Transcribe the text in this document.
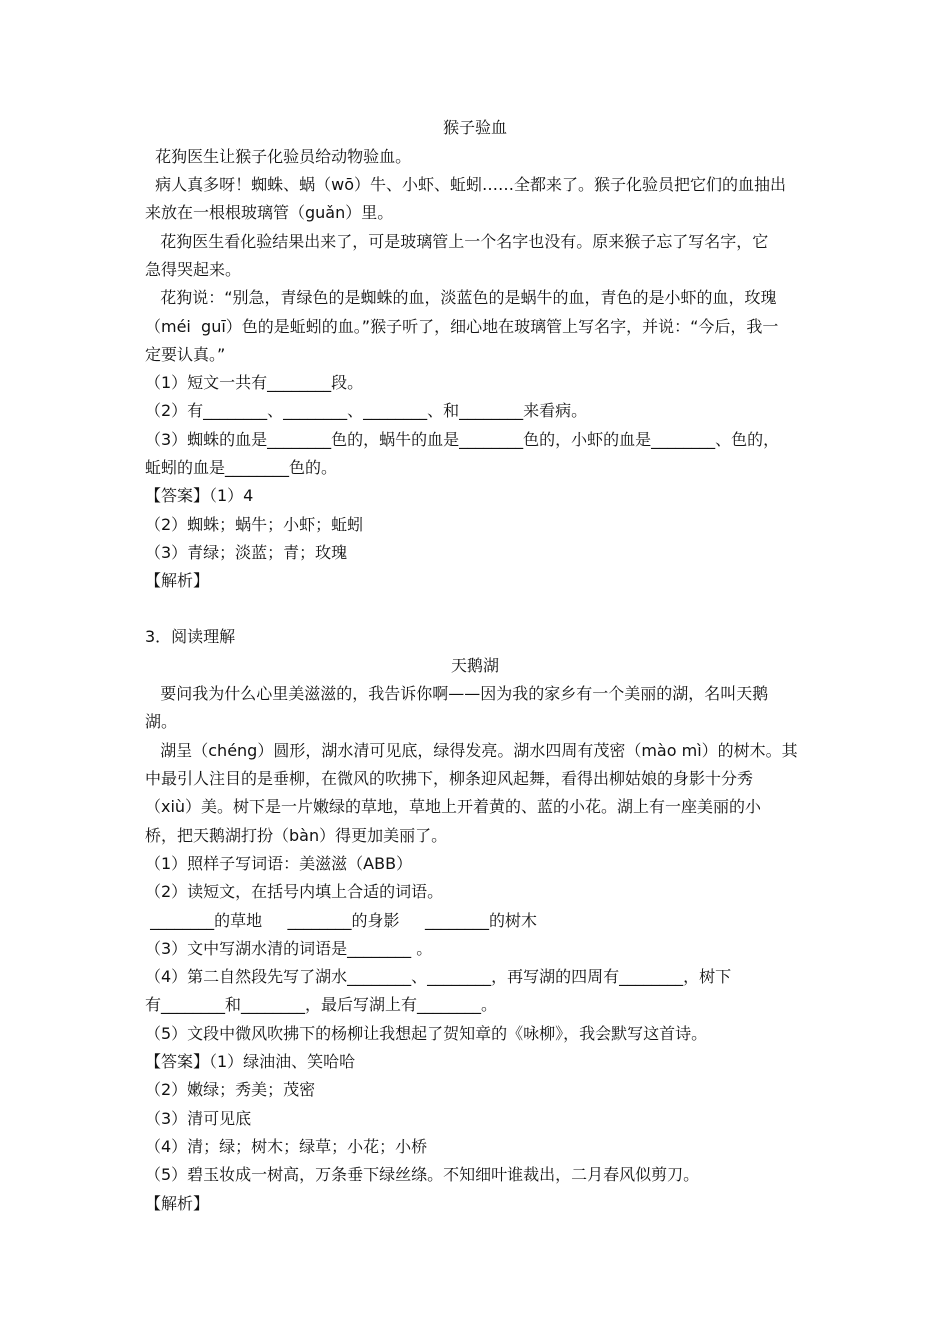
猴子验血
花狗医生让猴子化验员给动物验血。
病人真多呀！蜘蛛、蜗（wō）牛、小虾、蚯蚓……全都来了。猴子化验员把它们的血抽出
来放在一根根玻璃管（guǎn）里。
花狗医生看化验结果出来了，可是玻璃管上一个名字也没有。原来猴子忘了写名字，它
急得哭起来。
花狗说：“别急，青绿色的是蜘蛛的血，淡蓝色的是蜗牛的血，青色的是小虾的血，玫瑰
（méi  guī）色的是蚯蚓的血。”猴子听了，细心地在玻璃管上写名字，并说：“今后，我一
定要认真。”
（1）短文一共有________段。
（2）有________、________、________、和________来看病。
（3）蜘蛛的血是________色的，蜗牛的血是________色的，小虾的血是________、色的，
蚯蚓的血是________色的。
【答案】（1）4
（2）蜘蛛；蜗牛；小虾；蚯蚓
（3）青绿；淡蓝；青；玫瑰
【解析】
3．阅读理解
天鹅湖
要问我为什么心里美滋滋的，我告诉你啊——因为我的家乡有一个美丽的湖，名叫天鹅
湖。
湖呈（chéng）圆形，湖水清可见底，绿得发亮。湖水四周有茂密（mào mì）的树木。其
中最引人注目的是垂柳，在微风的吹拂下，柳条迎风起舞，看得出柳姑娘的身影十分秀
（xiù）美。树下是一片嫩绿的草地，草地上开着黄的、蓝的小花。湖上有一座美丽的小
桥，把天鹅湖打扮（bàn）得更加美丽了。
（1）照样子写词语：美滋滋（ABB）
（2）读短文，在括号内填上合适的词语。
________的草地     ________的身影     ________的树木
（3）文中写湖水清的词语是________ 。
（4）第二自然段先写了湖水________、________，再写湖的四周有________，树下
有________和________，最后写湖上有________。
（5）文段中微风吹拂下的杨柳让我想起了贺知章的《咏柳》，我会默写这首诗。
【答案】（1）绿油油、笑哈哈
（2）嫩绿；秀美；茂密
（3）清可见底
（4）清；绿；树木；绿草；小花；小桥
（5）碧玉妆成一树高，万条垂下绿丝绦。不知细叶谁裁出，二月春风似剪刀。
【解析】
